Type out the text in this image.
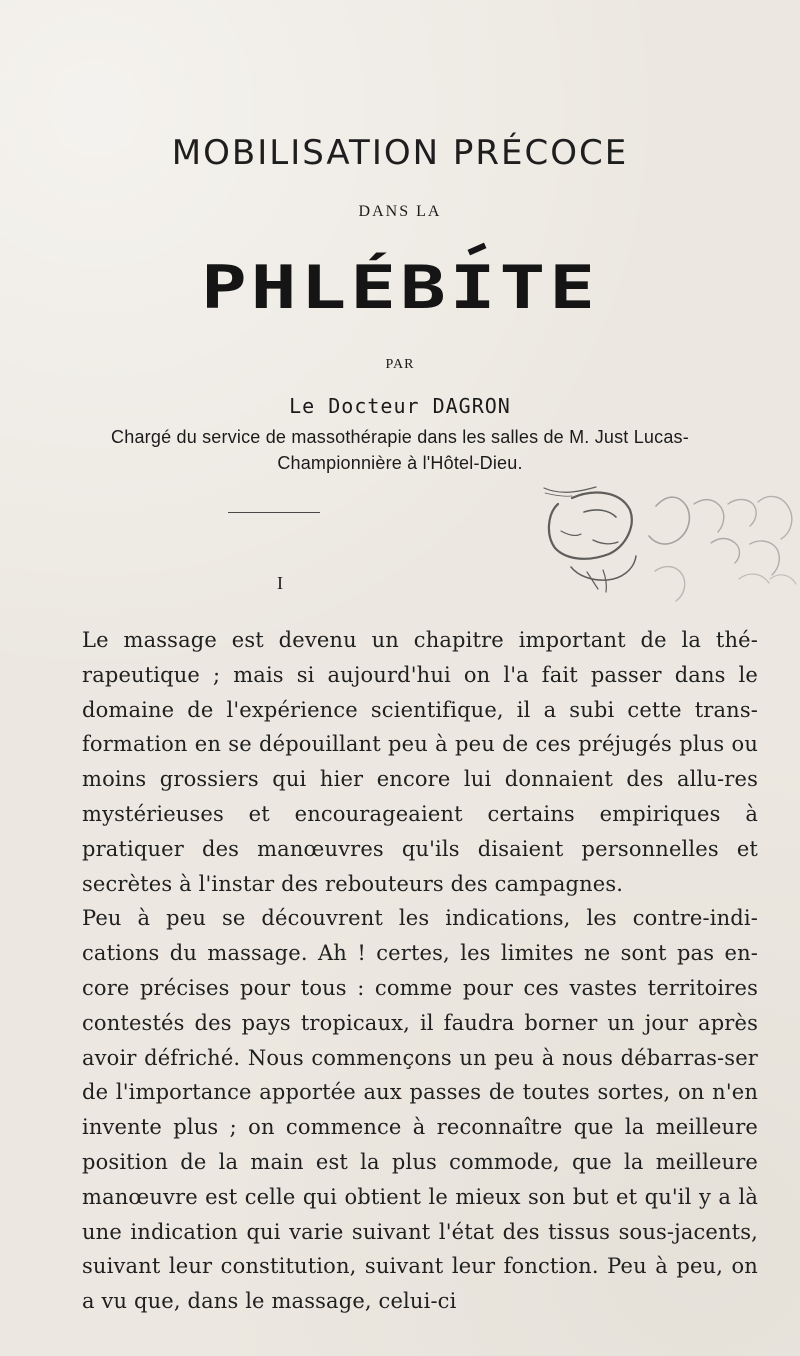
MOBILISATION PRÉCOCE
DANS LA
PHLÉBITE
PAR
Le Docteur DAGRON
Chargé du service de massothérapie dans les salles de M. Just Lucas-
Championnière à l'Hôtel-Dieu.
I

Le massage est devenu un chapitre important de la thé-rapeutique ; mais si aujourd'hui on l'a fait passer dans le domaine de l'expérience scientifique, il a subi cette trans-formation en se dépouillant peu à peu de ces préjugés plus ou moins grossiers qui hier encore lui donnaient des allu-res mystérieuses et encourageaient certains empiriques à pratiquer des manœuvres qu'ils disaient personnelles et secrètes à l'instar des rebouteurs des campagnes.

Peu à peu se découvrent les indications, les contre-indi-cations du massage. Ah ! certes, les limites ne sont pas en-core précises pour tous : comme pour ces vastes territoires contestés des pays tropicaux, il faudra borner un jour après avoir défriché. Nous commençons un peu à nous débarras-ser de l'importance apportée aux passes de toutes sortes, on n'en invente plus ; on commence à reconnaître que la meilleure position de la main est la plus commode, que la meilleure manœuvre est celle qui obtient le mieux son but et qu'il y a là une indication qui varie suivant l'état des tissus sous-jacents, suivant leur constitution, suivant leur fonction. Peu à peu, on a vu que, dans le massage, celui-ci
